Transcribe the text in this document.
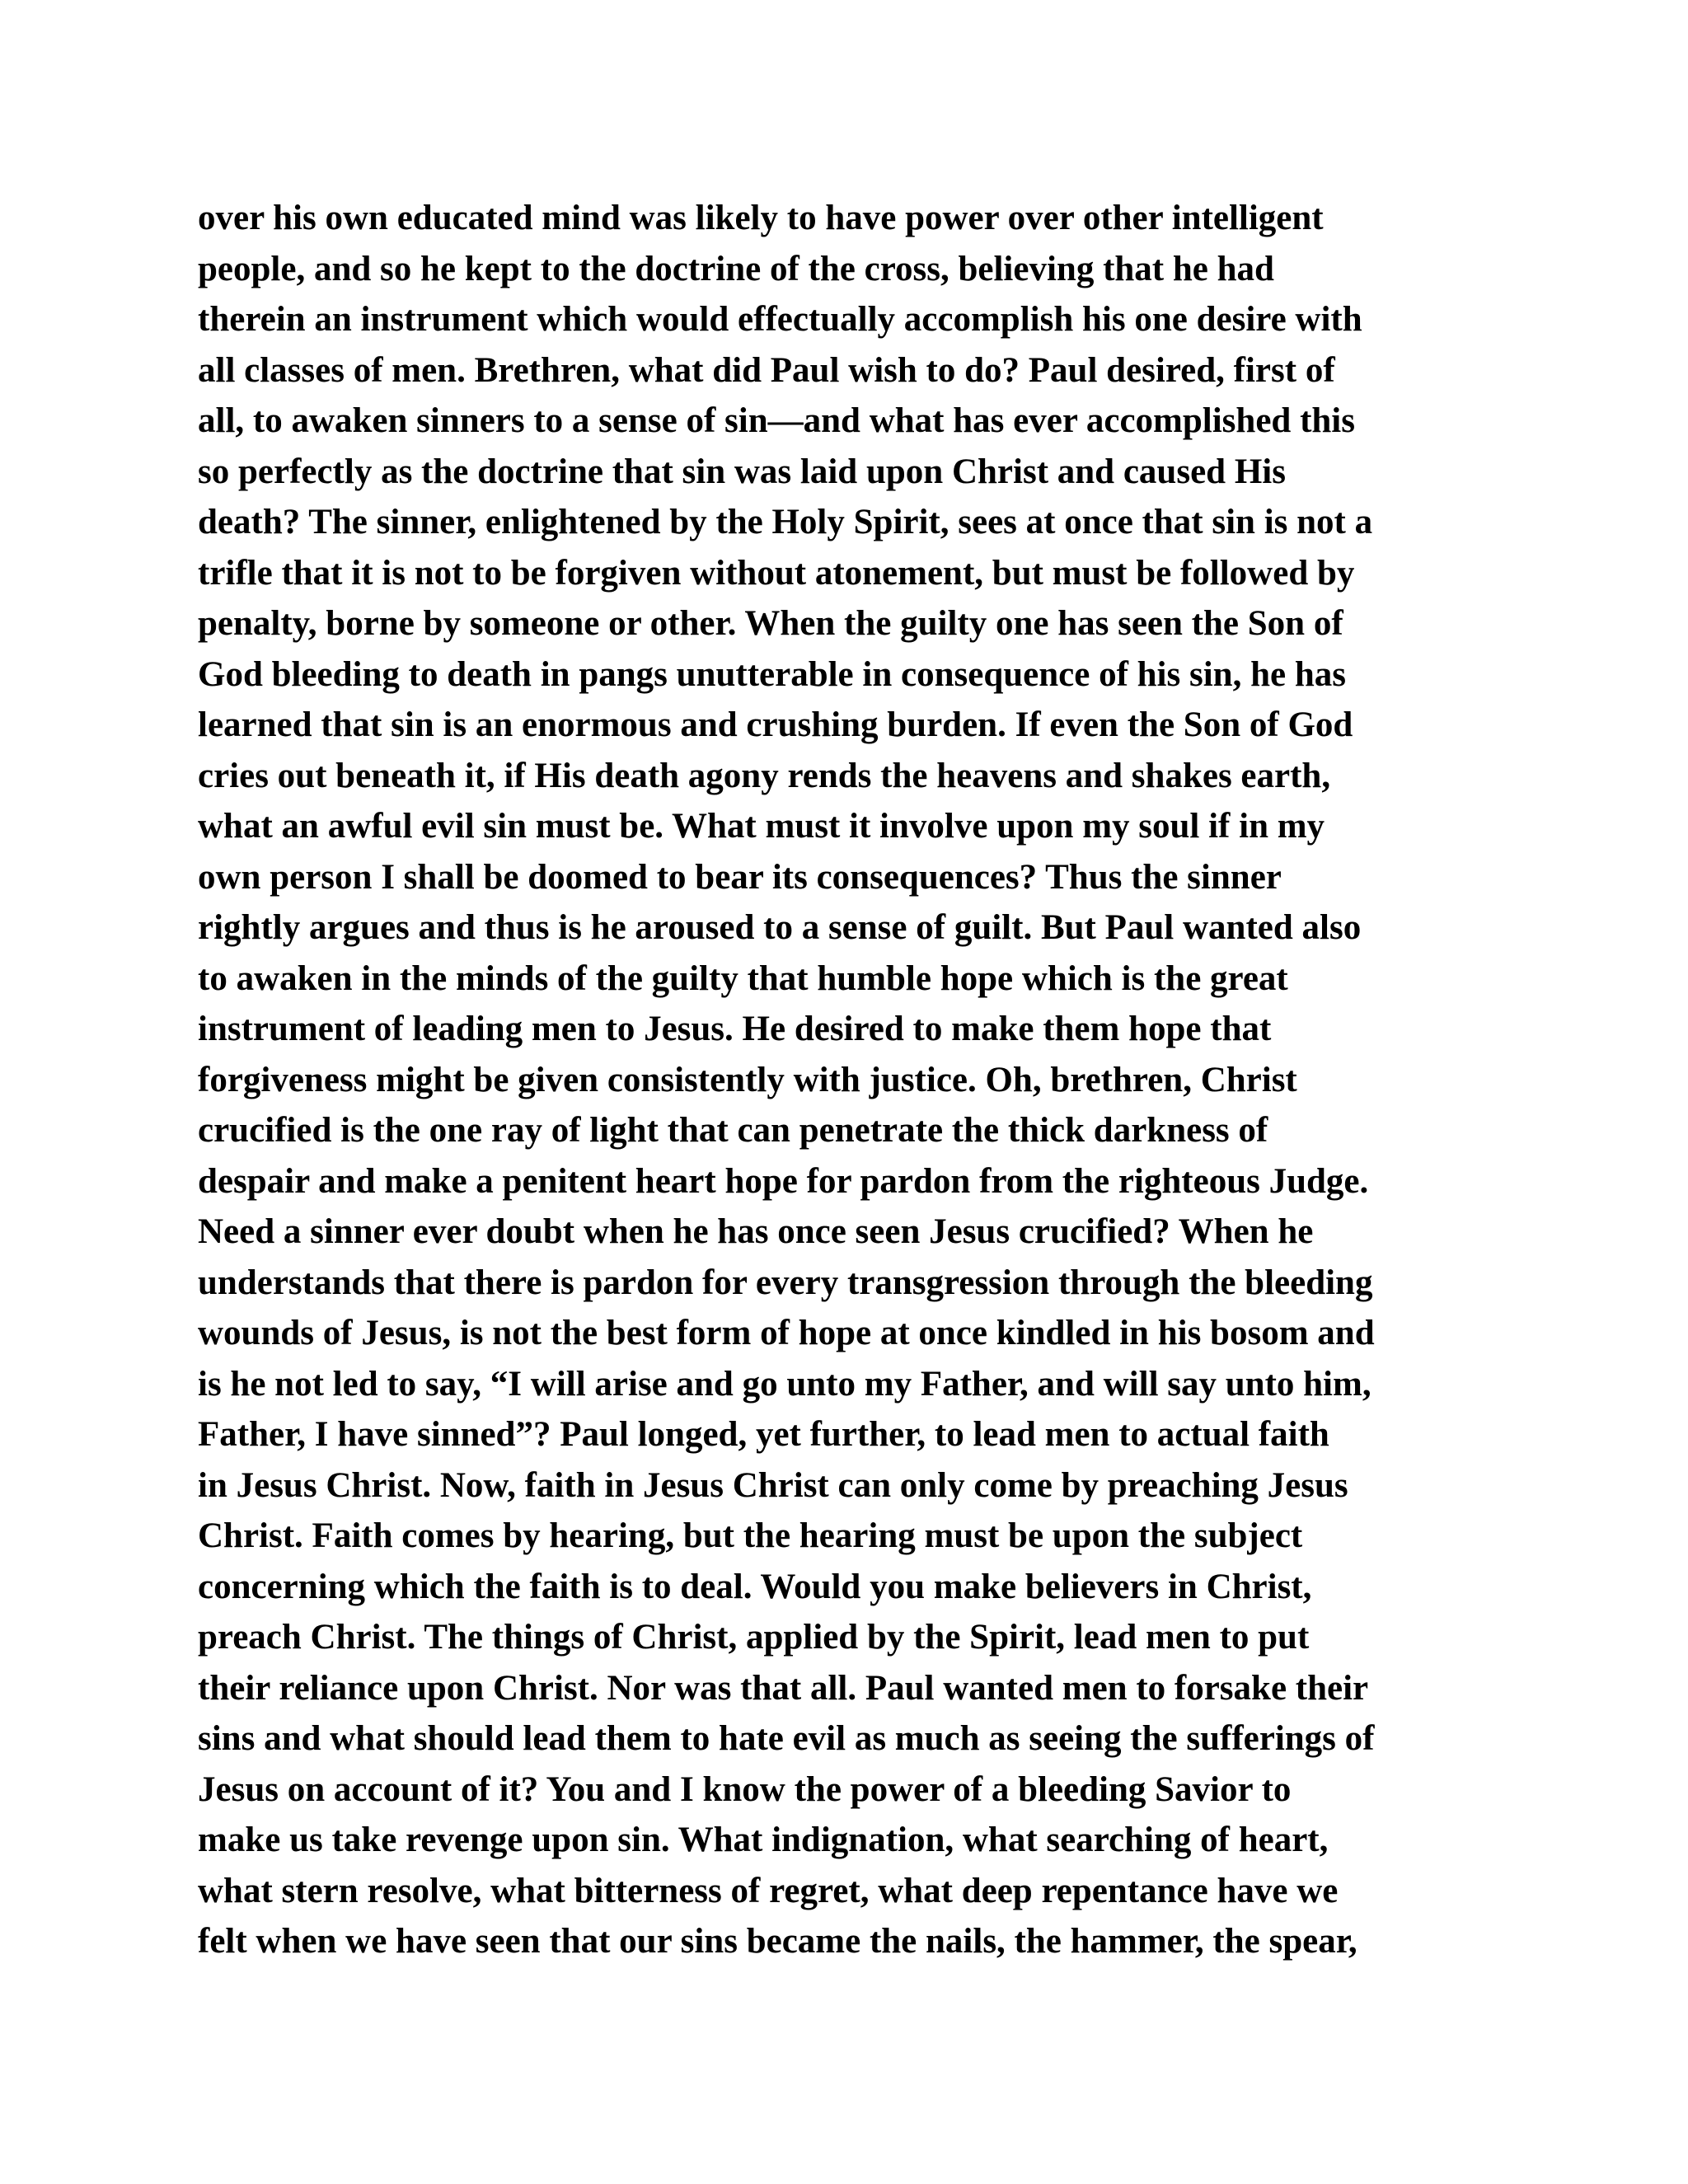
over his own educated mind was likely to have power over other intelligent
people, and so he kept to the doctrine of the cross, believing that he had
therein an instrument which would effectually accomplish his one desire with
all classes of men. Brethren, what did Paul wish to do? Paul desired, first of
all, to awaken sinners to a sense of sin—and what has ever accomplished this
so perfectly as the doctrine that sin was laid upon Christ and caused His
death? The sinner, enlightened by the Holy Spirit, sees at once that sin is not a
trifle that it is not to be forgiven without atonement, but must be followed by
penalty, borne by someone or other. When the guilty one has seen the Son of
God bleeding to death in pangs unutterable in consequence of his sin, he has
learned that sin is an enormous and crushing burden. If even the Son of God
cries out beneath it, if His death agony rends the heavens and shakes earth,
what an awful evil sin must be. What must it involve upon my soul if in my
own person I shall be doomed to bear its consequences? Thus the sinner
rightly argues and thus is he aroused to a sense of guilt. But Paul wanted also
to awaken in the minds of the guilty that humble hope which is the great
instrument of leading men to Jesus. He desired to make them hope that
forgiveness might be given consistently with justice. Oh, brethren, Christ
crucified is the one ray of light that can penetrate the thick darkness of
despair and make a penitent heart hope for pardon from the righteous Judge.
Need a sinner ever doubt when he has once seen Jesus crucified? When he
understands that there is pardon for every transgression through the bleeding
wounds of Jesus, is not the best form of hope at once kindled in his bosom and
is he not led to say, “I will arise and go unto my Father, and will say unto him,
Father, I have sinned”? Paul longed, yet further, to lead men to actual faith
in Jesus Christ. Now, faith in Jesus Christ can only come by preaching Jesus
Christ. Faith comes by hearing, but the hearing must be upon the subject
concerning which the faith is to deal. Would you make believers in Christ,
preach Christ. The things of Christ, applied by the Spirit, lead men to put
their reliance upon Christ. Nor was that all. Paul wanted men to forsake their
sins and what should lead them to hate evil as much as seeing the sufferings of
Jesus on account of it? You and I know the power of a bleeding Savior to
make us take revenge upon sin. What indignation, what searching of heart,
what stern resolve, what bitterness of regret, what deep repentance have we
felt when we have seen that our sins became the nails, the hammer, the spear,
